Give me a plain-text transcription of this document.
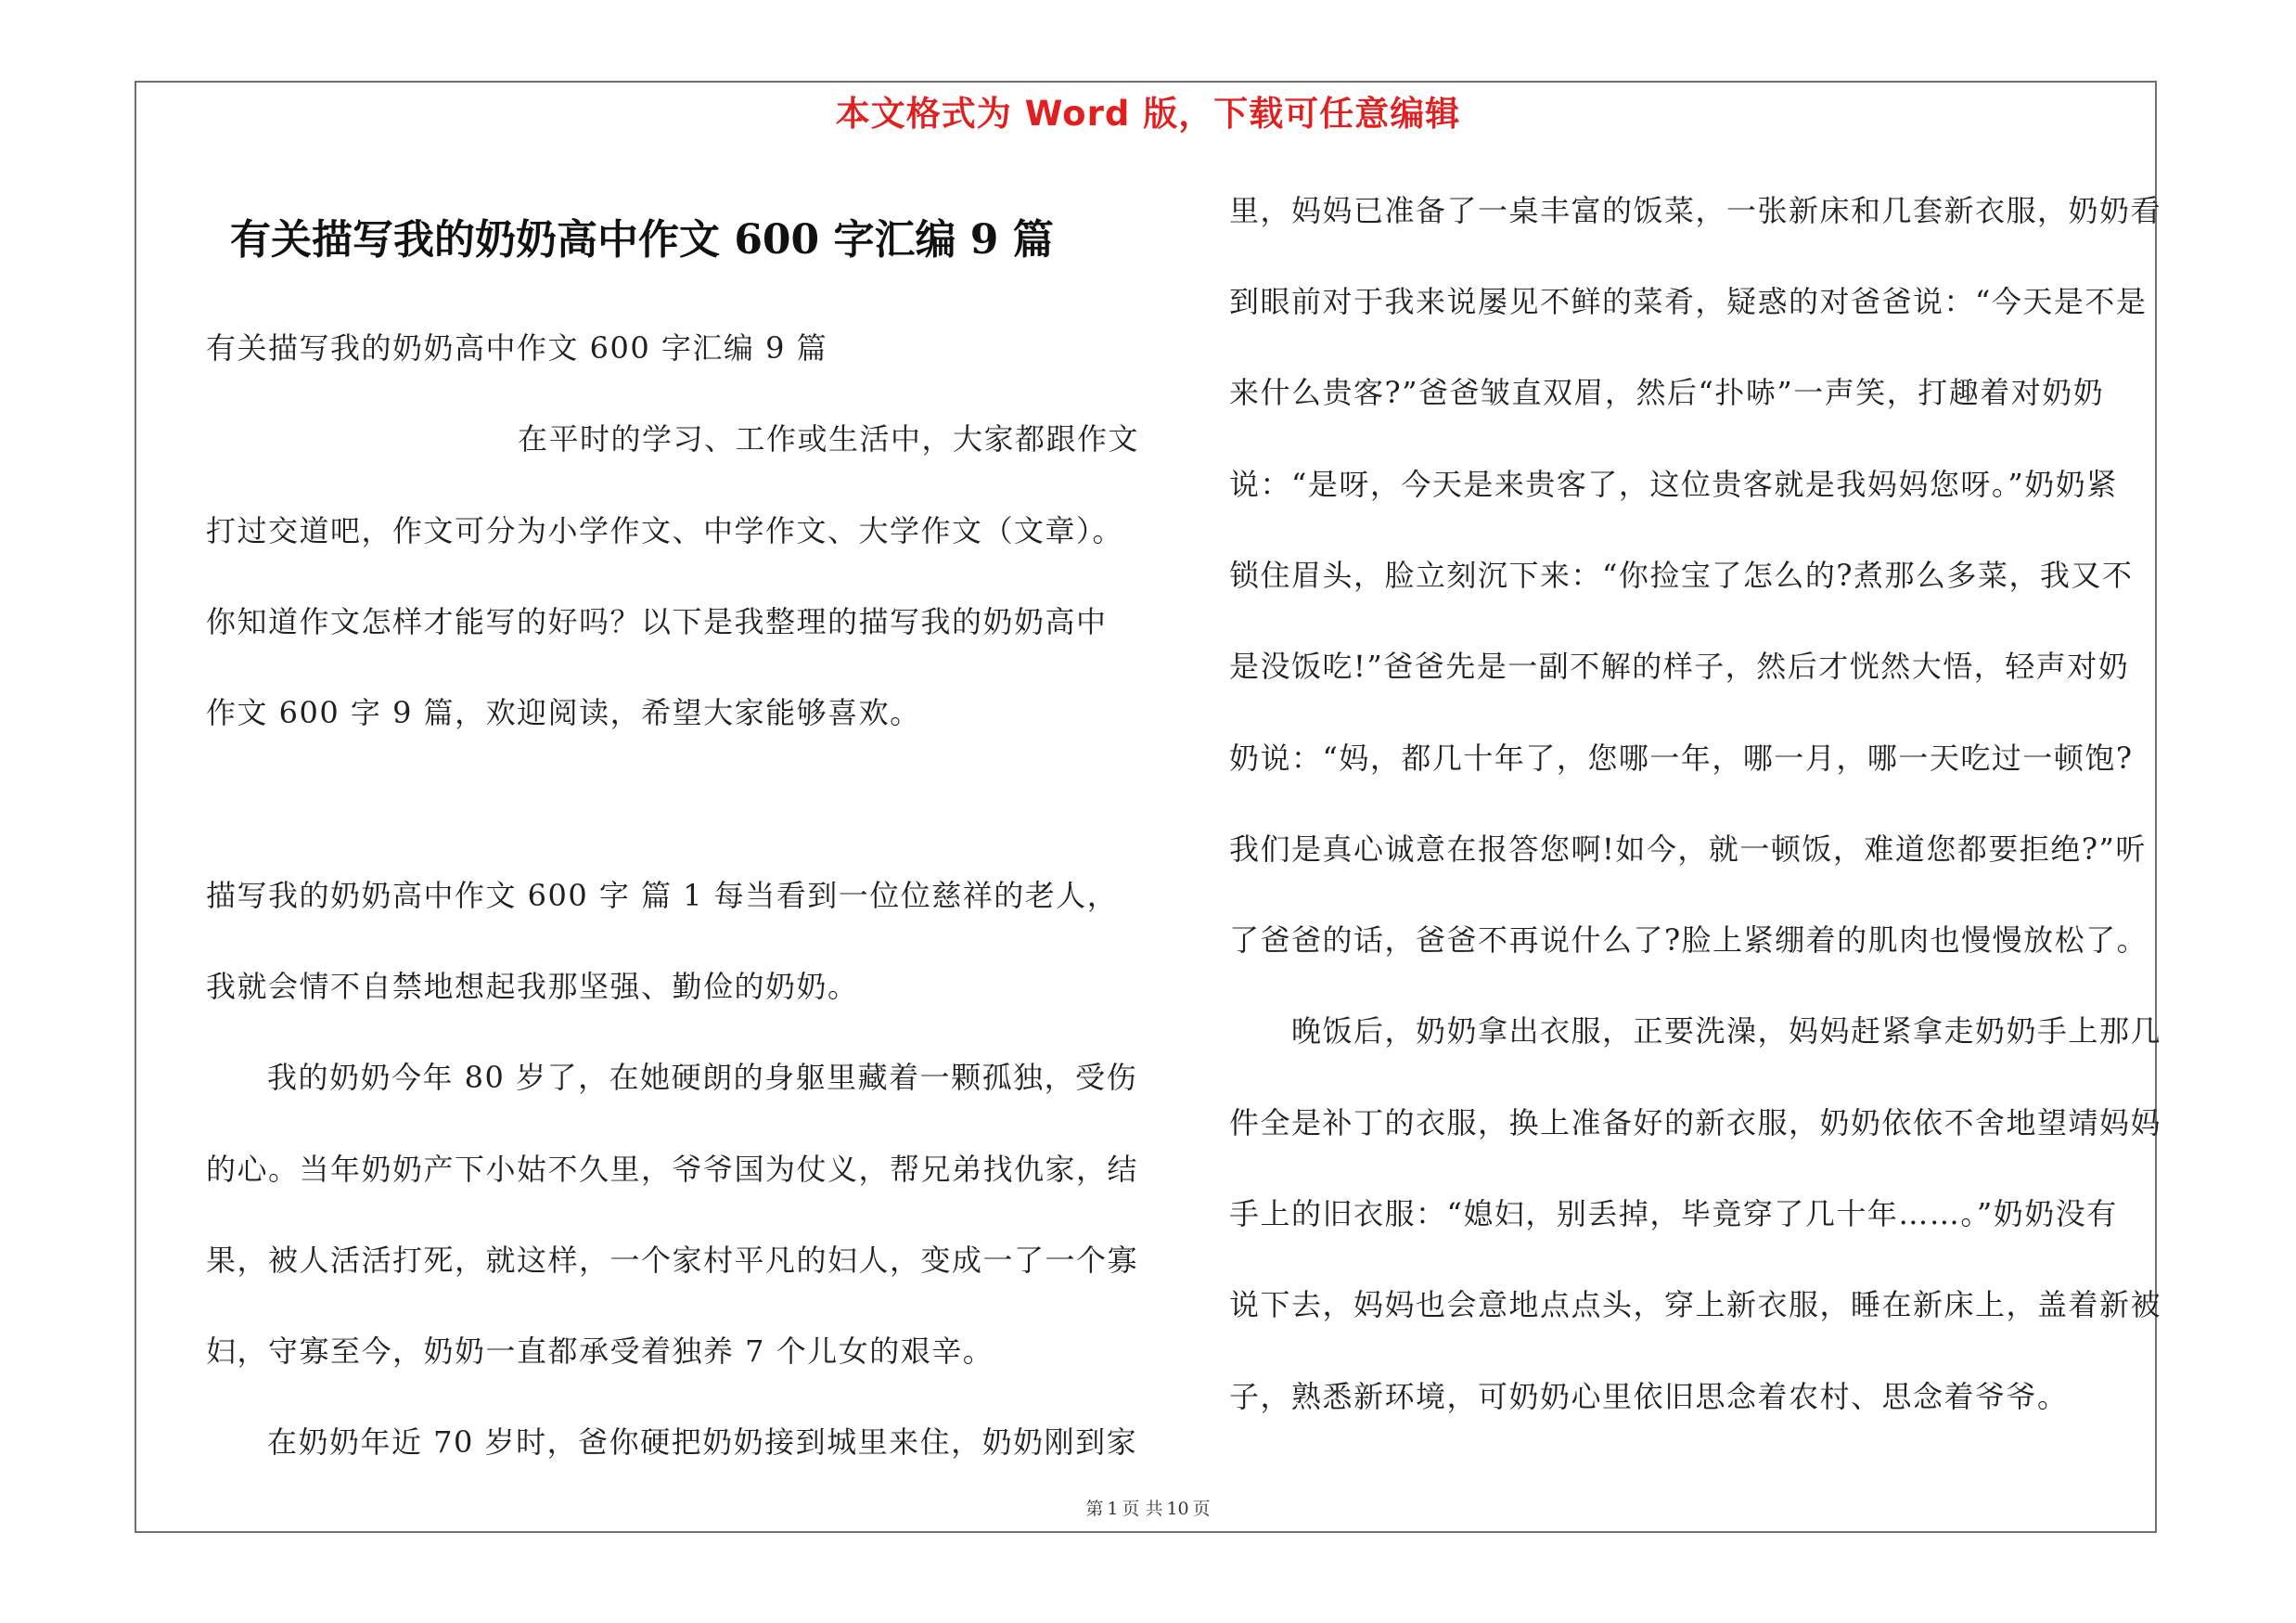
本文格式为 Word 版，下载可任意编辑
有关描写我的奶奶高中作文 600 字汇编 9 篇
有关描写我的奶奶高中作文 600 字汇编 9 篇
在平时的学习、工作或生活中，大家都跟作文
打过交道吧，作文可分为小学作文、中学作文、大学作文（文章）。
你知道作文怎样才能写的好吗？以下是我整理的描写我的奶奶高中
作文 600 字 9 篇，欢迎阅读，希望大家能够喜欢。
描写我的奶奶高中作文 600 字 篇 1 每当看到一位位慈祥的老人，
我就会情不自禁地想起我那坚强、勤俭的奶奶。
我的奶奶今年 80 岁了，在她硬朗的身躯里藏着一颗孤独，受伤
的心。当年奶奶产下小姑不久里，爷爷国为仗义，帮兄弟找仇家，结
果，被人活活打死，就这样，一个家村平凡的妇人，变成一了一个寡
妇，守寡至今，奶奶一直都承受着独养 7 个儿女的艰辛。
在奶奶年近 70 岁时，爸你硬把奶奶接到城里来住，奶奶刚到家
里，妈妈已准备了一桌丰富的饭菜，一张新床和几套新衣服，奶奶看
到眼前对于我来说屡见不鲜的菜肴，疑惑的对爸爸说：“今天是不是
来什么贵客?”爸爸皱直双眉，然后“扑哧”一声笑，打趣着对奶奶
说：“是呀，今天是来贵客了，这位贵客就是我妈妈您呀。”奶奶紧
锁住眉头，脸立刻沉下来：“你捡宝了怎么的?煮那么多菜，我又不
是没饭吃!”爸爸先是一副不解的样子，然后才恍然大悟，轻声对奶
奶说：“妈，都几十年了，您哪一年，哪一月，哪一天吃过一顿饱?
我们是真心诚意在报答您啊!如今，就一顿饭，难道您都要拒绝?”听
了爸爸的话，爸爸不再说什么了?脸上紧绷着的肌肉也慢慢放松了。
晚饭后，奶奶拿出衣服，正要洗澡，妈妈赶紧拿走奶奶手上那几
件全是补丁的衣服，换上准备好的新衣服，奶奶依依不舍地望靖妈妈
手上的旧衣服：“媳妇，别丢掉，毕竟穿了几十年……。”奶奶没有
说下去，妈妈也会意地点点头，穿上新衣服，睡在新床上，盖着新被
子，熟悉新环境，可奶奶心里依旧思念着农村、思念着爷爷。
第 1 页 共 10 页
